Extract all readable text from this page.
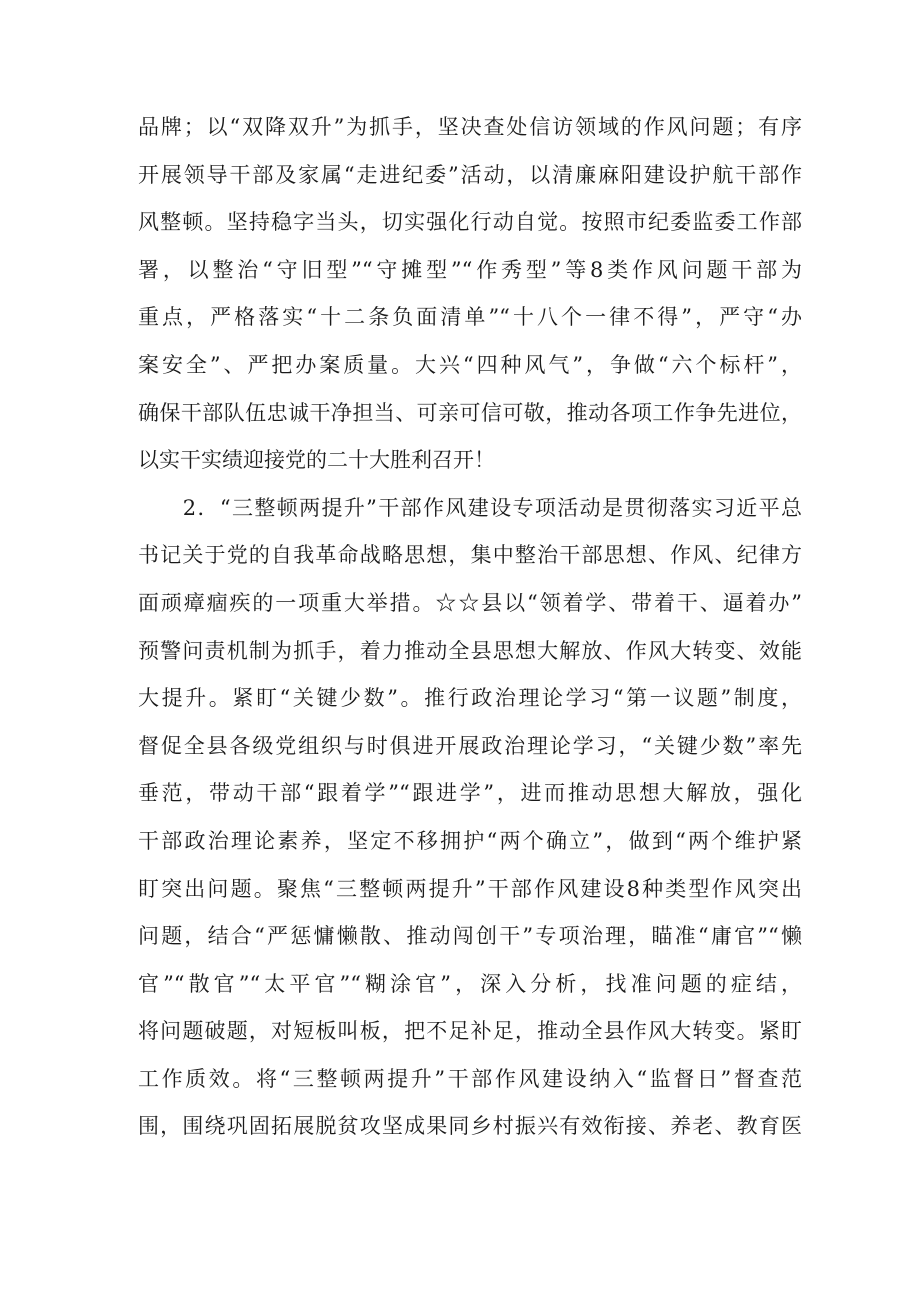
品牌；以“双降双升”为抓手，坚决查处信访领域的作风问题；有序
开展领导干部及家属“走进纪委”活动，以清廉麻阳建设护航干部作
风整顿。坚持稳字当头，切实强化行动自觉。按照市纪委监委工作部
署，以整治“守旧型”“守摊型”“作秀型”等8类作风问题干部为
重点，严格落实“十二条负面清单”“十八个一律不得”，严守“办
案安全”、严把办案质量。大兴“四种风气”，争做“六个标杆”，
确保干部队伍忠诚干净担当、可亲可信可敬，推动各项工作争先进位，
以实干实绩迎接党的二十大胜利召开！
　　2．“三整顿两提升”干部作风建设专项活动是贯彻落实习近平总
书记关于党的自我革命战略思想，集中整治干部思想、作风、纪律方
面顽瘴痼疾的一项重大举措。☆☆县以“领着学、带着干、逼着办”
预警问责机制为抓手，着力推动全县思想大解放、作风大转变、效能
大提升。紧盯“关键少数”。推行政治理论学习“第一议题”制度，
督促全县各级党组织与时俱进开展政治理论学习，“关键少数”率先
垂范，带动干部“跟着学”“跟进学”，进而推动思想大解放，强化
干部政治理论素养，坚定不移拥护“两个确立”，做到“两个维护紧
盯突出问题。聚焦“三整顿两提升”干部作风建设8种类型作风突出
问题，结合“严惩慵懒散、推动闯创干”专项治理，瞄准“庸官”“懒
官”“散官”“太平官”“糊涂官”，深入分析，找准问题的症结，
将问题破题，对短板叫板，把不足补足，推动全县作风大转变。紧盯
工作质效。将“三整顿两提升”干部作风建设纳入“监督日”督查范
围，围绕巩固拓展脱贫攻坚成果同乡村振兴有效衔接、养老、教育医
